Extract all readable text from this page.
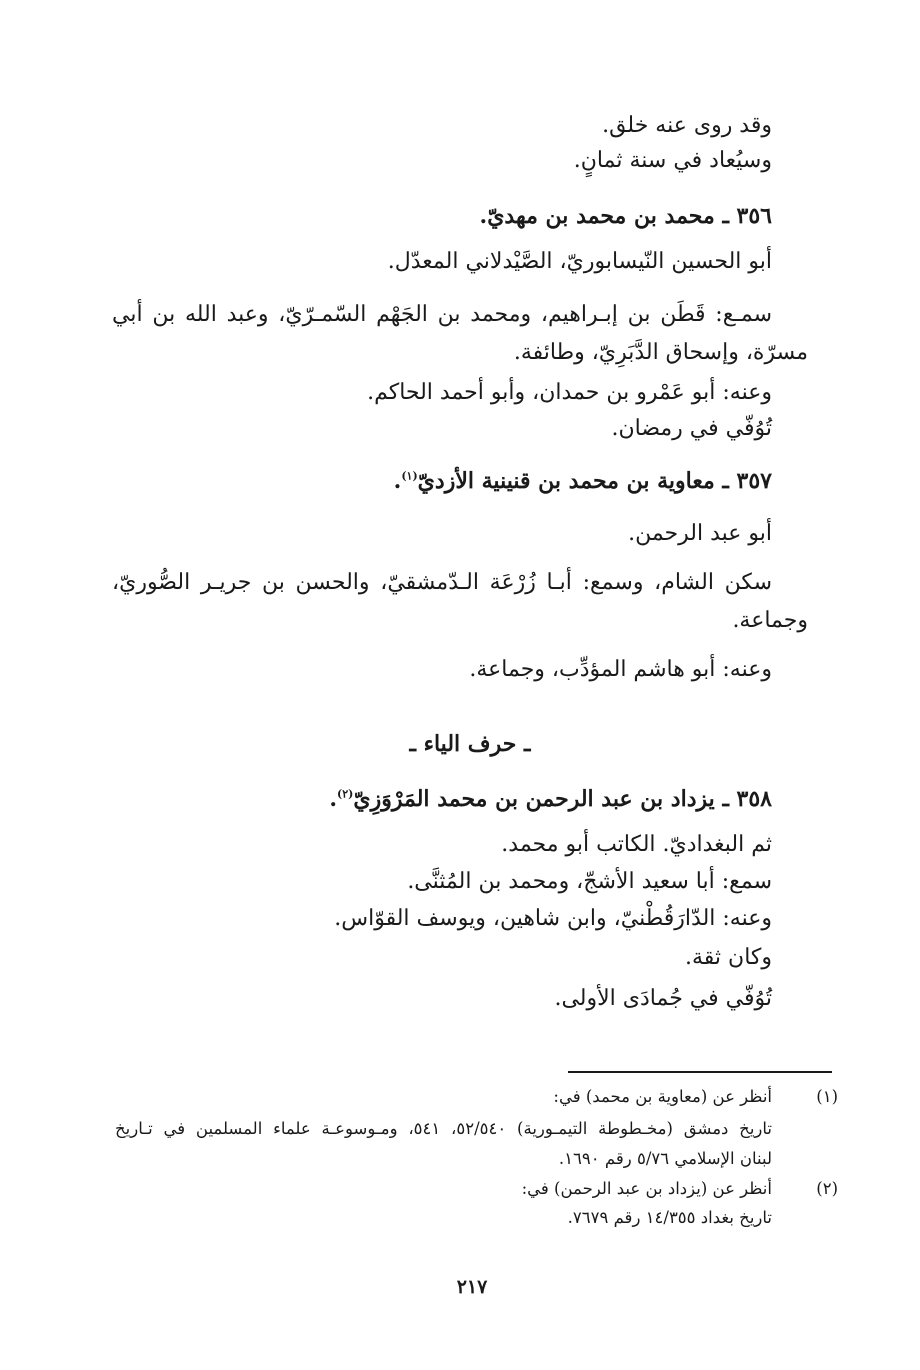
وقد روى عنه خلق.
وسيُعاد في سنة ثمانٍ.
٣٥٦ ـ محمد بن محمد بن مهديّ.
أبو الحسين النّيسابوريّ، الصَّيْدلاني المعدّل.
سمـع: قَطَن بن إبـراهيم، ومحمد بن الجَهْم السّمـرّيّ، وعبد الله بن أبي
مسرّة، وإسحاق الدَّبَرِيّ، وطائفة.
وعنه: أبو عَمْرو بن حمدان، وأبو أحمد الحاكم.
تُوُفّي في رمضان.
٣٥٧ ـ معاوية بن محمد بن قنينية الأزديّ$^{(١)}$.
أبو عبد الرحمن.
سكن الشام، وسمع: أبـا زُرْعَة الـدّمشقيّ، والحسن بن جريـر الصُّوريّ،
وجماعة.
وعنه: أبو هاشم المؤدِّب، وجماعة.
ـ حرف الياء ـ
٣٥٨ ـ يزداد بن عبد الرحمن بن محمد المَرْوَزِيّ$^{(٢)}$.
ثم البغداديّ. الكاتب أبو محمد.
سمع: أبا سعيد الأشجّ، ومحمد بن المُثنَّى.
وعنه: الدّارَقُطْنيّ، وابن شاهين، ويوسف القوّاس.
وكان ثقة.
تُوُفّي في جُمادَى الأولى.
(١)
أنظر عن (معاوية بن محمد) في:
تاريخ دمشق (مخـطوطة التيمـورية) ٥٢/٥٤٠، ٥٤١، ومـوسوعـة علماء المسلمين في تـاريخ
لبنان الإسلامي ٥/٧٦ رقم ١٦٩٠.
(٢)
أنظر عن (يزداد بن عبد الرحمن) في:
تاريخ بغداد ١٤/٣٥٥ رقم ٧٦٧٩.
٢١٧
